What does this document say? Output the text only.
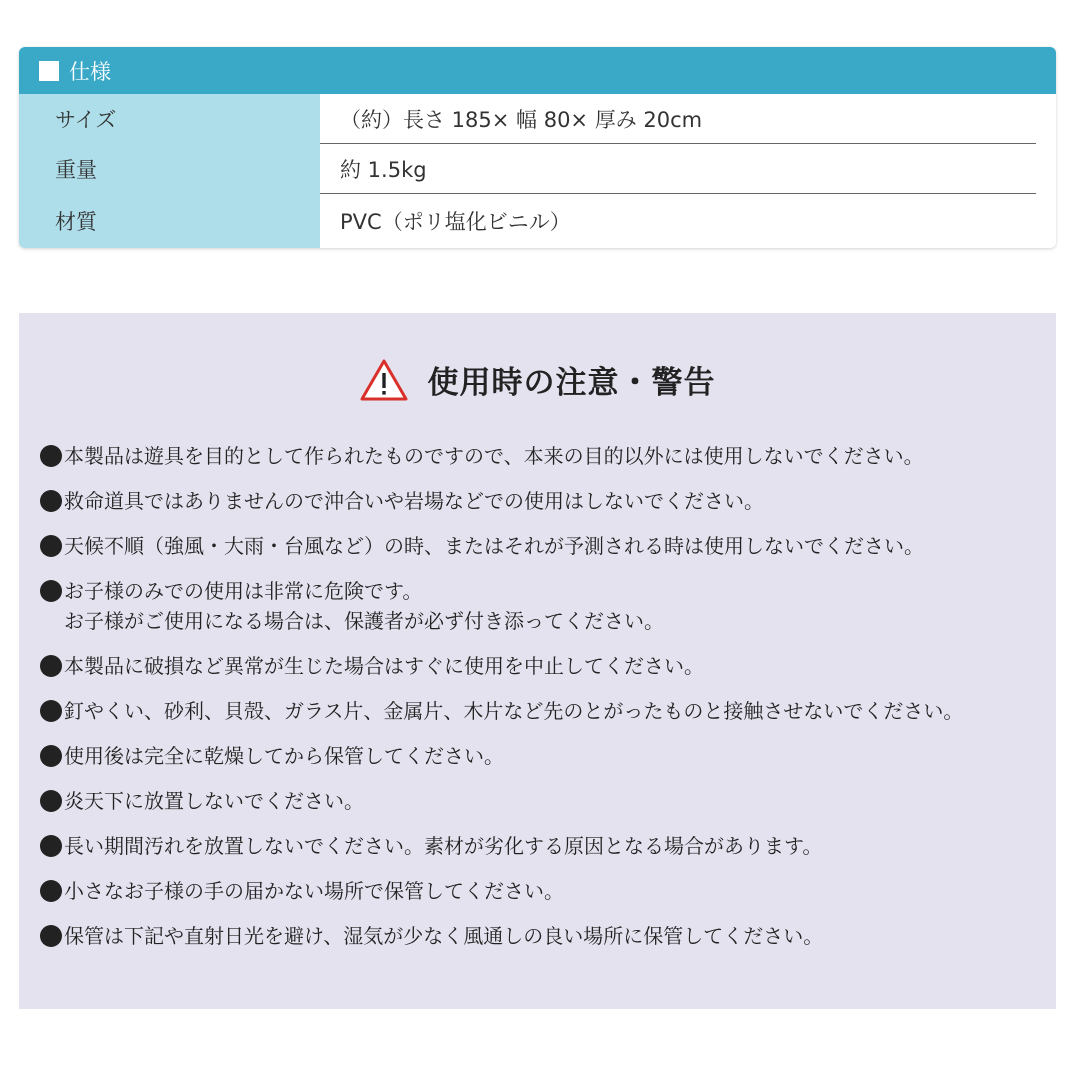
仕様
サイズ	（約）長さ 185× 幅 80× 厚み 20cm
重量	約 1.5kg
材質	PVC（ポリ塩化ビニル）
使用時の注意・警告
本製品は遊具を目的として作られたものですので、本来の目的以外には使用しないでください。
救命道具ではありませんので沖合いや岩場などでの使用はしないでください。
天候不順（強風・大雨・台風など）の時、またはそれが予測される時は使用しないでください。
お子様のみでの使用は非常に危険です。
お子様がご使用になる場合は、保護者が必ず付き添ってください。
本製品に破損など異常が生じた場合はすぐに使用を中止してください。
釘やくい、砂利、貝殻、ガラス片、金属片、木片など先のとがったものと接触させないでください。
使用後は完全に乾燥してから保管してください。
炎天下に放置しないでください。
長い期間汚れを放置しないでください。素材が劣化する原因となる場合があります。
小さなお子様の手の届かない場所で保管してください。
保管は下記や直射日光を避け、湿気が少なく風通しの良い場所に保管してください。
